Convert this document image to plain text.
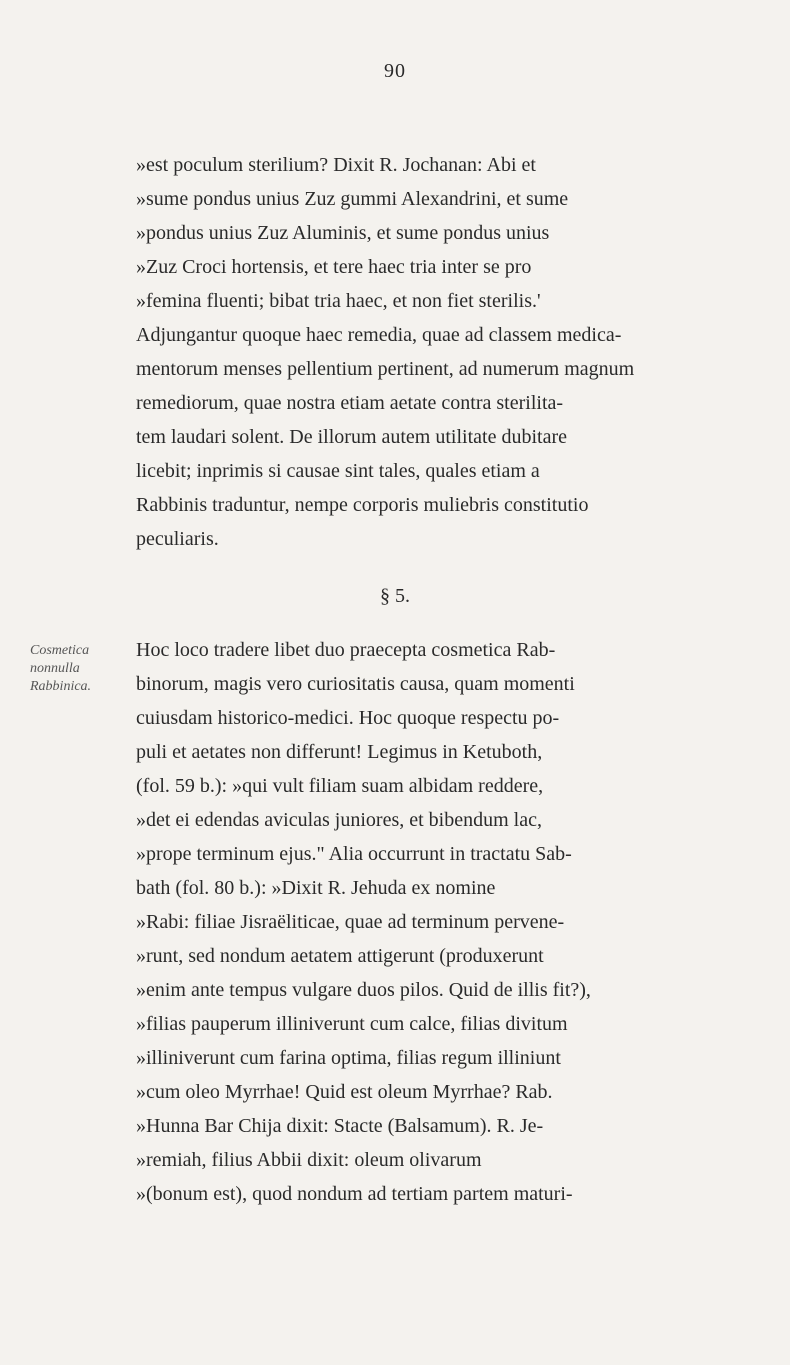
90
»est poculum sterilium? Dixit R. Jochanan: Abi et
»sume pondus unius Zuz gummi Alexandrini, et sume
»pondus unius Zuz Aluminis, et sume pondus unius
»Zuz Croci hortensis, et tere haec tria inter se pro
»femina fluenti; bibat tria haec, et non fiet sterilis.'
Adjungantur quoque haec remedia, quae ad classem medica-
mentorum menses pellentium pertinent, ad numerum magnum
remediorum, quae nostra etiam aetate contra sterilita-
tem laudari solent. De illorum autem utilitate dubitare
licebit; inprimis si causae sint tales, quales etiam a
Rabbinis traduntur, nempe corporis muliebris constitutio
peculiaris.
§ 5.
Cosmetica
nonnulla
Rabbinica.
Hoc loco tradere libet duo praecepta cosmetica Rab-
binorum, magis vero curiositatis causa, quam momenti
cuiusdam historico-medici. Hoc quoque respectu po-
puli et aetates non differunt! Legimus in Ketuboth,
(fol. 59 b.): »qui vult filiam suam albidam reddere,
»det ei edendas aviculas juniores, et bibendum lac,
»prope terminum ejus." Alia occurrunt in tractatu Sab-
bath (fol. 80 b.): »Dixit R. Jehuda ex nomine
»Rabi: filiae Jisraëliticae, quae ad terminum pervene-
»runt, sed nondum aetatem attigerunt (produxerunt
»enim ante tempus vulgare duos pilos. Quid de illis fit?),
»filias pauperum illiniverunt cum calce, filias divitum
»illiniverunt cum farina optima, filias regum illiniunt
»cum oleo Myrrhae! Quid est oleum Myrrhae? Rab.
»Hunna Bar Chija dixit: Stacte (Balsamum). R. Je-
»remiah, filius Abbii dixit: oleum olivarum
»(bonum est), quod nondum ad tertiam partem maturi-
